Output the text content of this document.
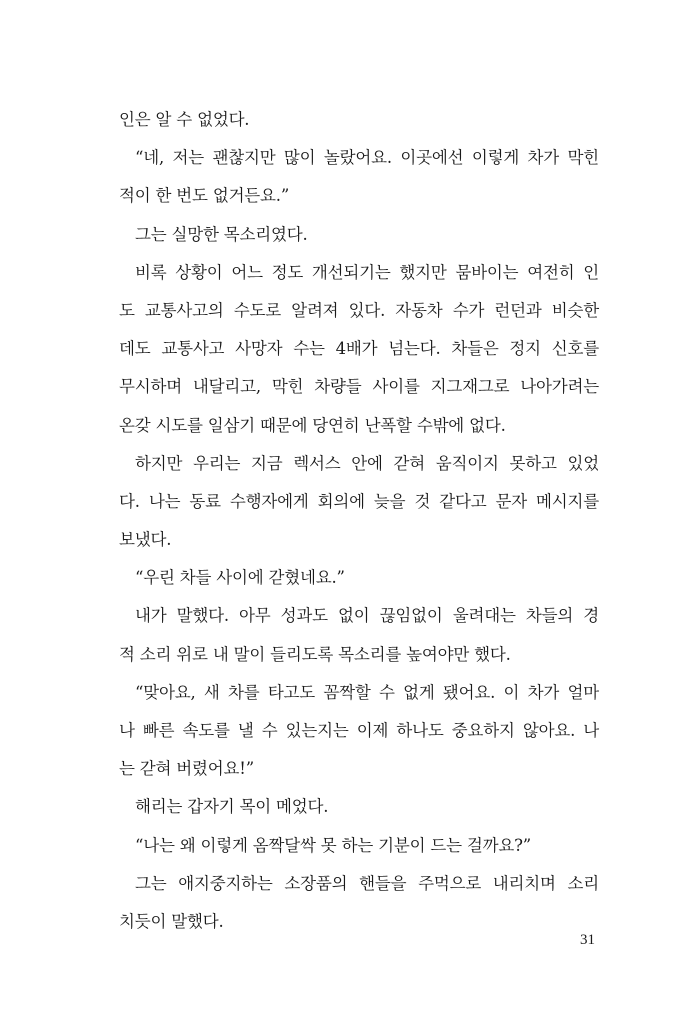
인은 알 수 없었다.
“네, 저는 괜찮지만 많이 놀랐어요. 이곳에선 이렇게 차가 막힌
적이 한 번도 없거든요.”
그는 실망한 목소리였다.
비록 상황이 어느 정도 개선되기는 했지만 뭄바이는 여전히 인
도 교통사고의 수도로 알려져 있다. 자동차 수가 런던과 비슷한
데도 교통사고 사망자 수는 4배가 넘는다. 차들은 정지 신호를
무시하며 내달리고, 막힌 차량들 사이를 지그재그로 나아가려는
온갖 시도를 일삼기 때문에 당연히 난폭할 수밖에 없다.
하지만 우리는 지금 렉서스 안에 갇혀 움직이지 못하고 있었
다. 나는 동료 수행자에게 회의에 늦을 것 같다고 문자 메시지를
보냈다.
“우린 차들 사이에 갇혔네요.”
내가 말했다. 아무 성과도 없이 끊임없이 울려대는 차들의 경
적 소리 위로 내 말이 들리도록 목소리를 높여야만 했다.
“맞아요, 새 차를 타고도 꼼짝할 수 없게 됐어요. 이 차가 얼마
나 빠른 속도를 낼 수 있는지는 이제 하나도 중요하지 않아요. 나
는 갇혀 버렸어요!”
해리는 갑자기 목이 메었다.
“나는 왜 이렇게 옴짝달싹 못 하는 기분이 드는 걸까요?”
그는 애지중지하는 소장품의 핸들을 주먹으로 내리치며 소리
치듯이 말했다.
31
